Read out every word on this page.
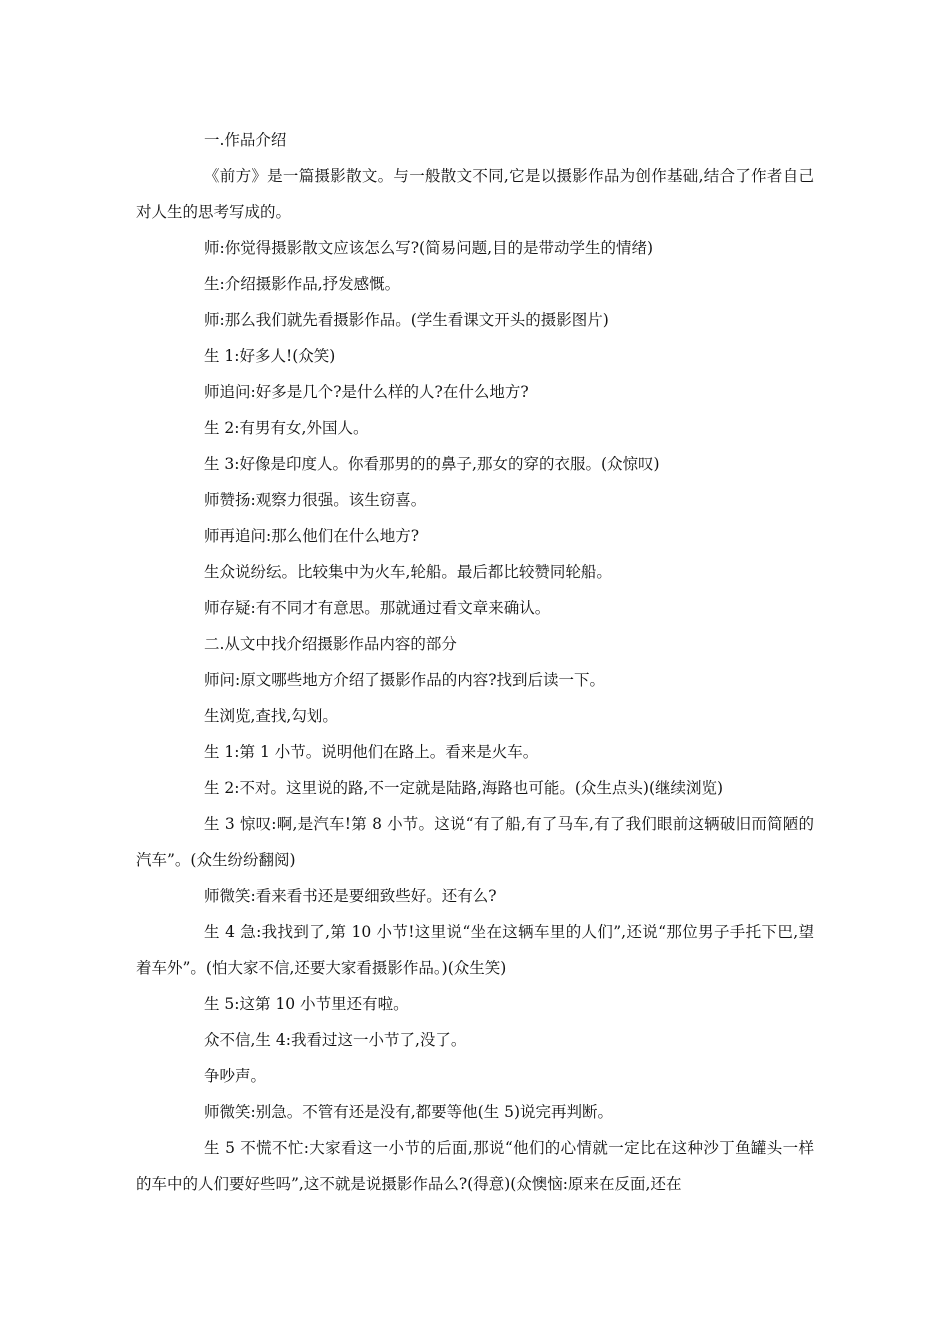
一.作品介绍

《前方》是一篇摄影散文。与一般散文不同,它是以摄影作品为创作基础,结合了作者自己对人生的思考写成的。

师:你觉得摄影散文应该怎么写?(简易问题,目的是带动学生的情绪)

生:介绍摄影作品,抒发感慨。

师:那么我们就先看摄影作品。(学生看课文开头的摄影图片)

生 1:好多人!(众笑)

师追问:好多是几个?是什么样的人?在什么地方?

生 2:有男有女,外国人。

生 3:好像是印度人。你看那男的的鼻子,那女的穿的衣服。(众惊叹)

师赞扬:观察力很强。该生窃喜。

师再追问:那么他们在什么地方?

生众说纷纭。比较集中为火车,轮船。最后都比较赞同轮船。

师存疑:有不同才有意思。那就通过看文章来确认。

二.从文中找介绍摄影作品内容的部分

师问:原文哪些地方介绍了摄影作品的内容?找到后读一下。

生浏览,查找,勾划。

生 1:第 1 小节。说明他们在路上。看来是火车。

生 2:不对。这里说的路,不一定就是陆路,海路也可能。(众生点头)(继续浏览)

生 3 惊叹:啊,是汽车!第 8 小节。这说“有了船,有了马车,有了我们眼前这辆破旧而简陋的汽车”。(众生纷纷翻阅)

师微笑:看来看书还是要细致些好。还有么?

生 4 急:我找到了,第 10 小节!这里说“坐在这辆车里的人们”,还说“那位男子手托下巴,望着车外”。(怕大家不信,还要大家看摄影作品。)(众生笑)

生 5:这第 10 小节里还有啦。

众不信,生 4:我看过这一小节了,没了。

争吵声。

师微笑:别急。不管有还是没有,都要等他(生 5)说完再判断。

生 5 不慌不忙:大家看这一小节的后面,那说“他们的心情就一定比在这种沙丁鱼罐头一样的车中的人们要好些吗”,这不就是说摄影作品么?(得意)(众懊恼:原来在反面,还在
